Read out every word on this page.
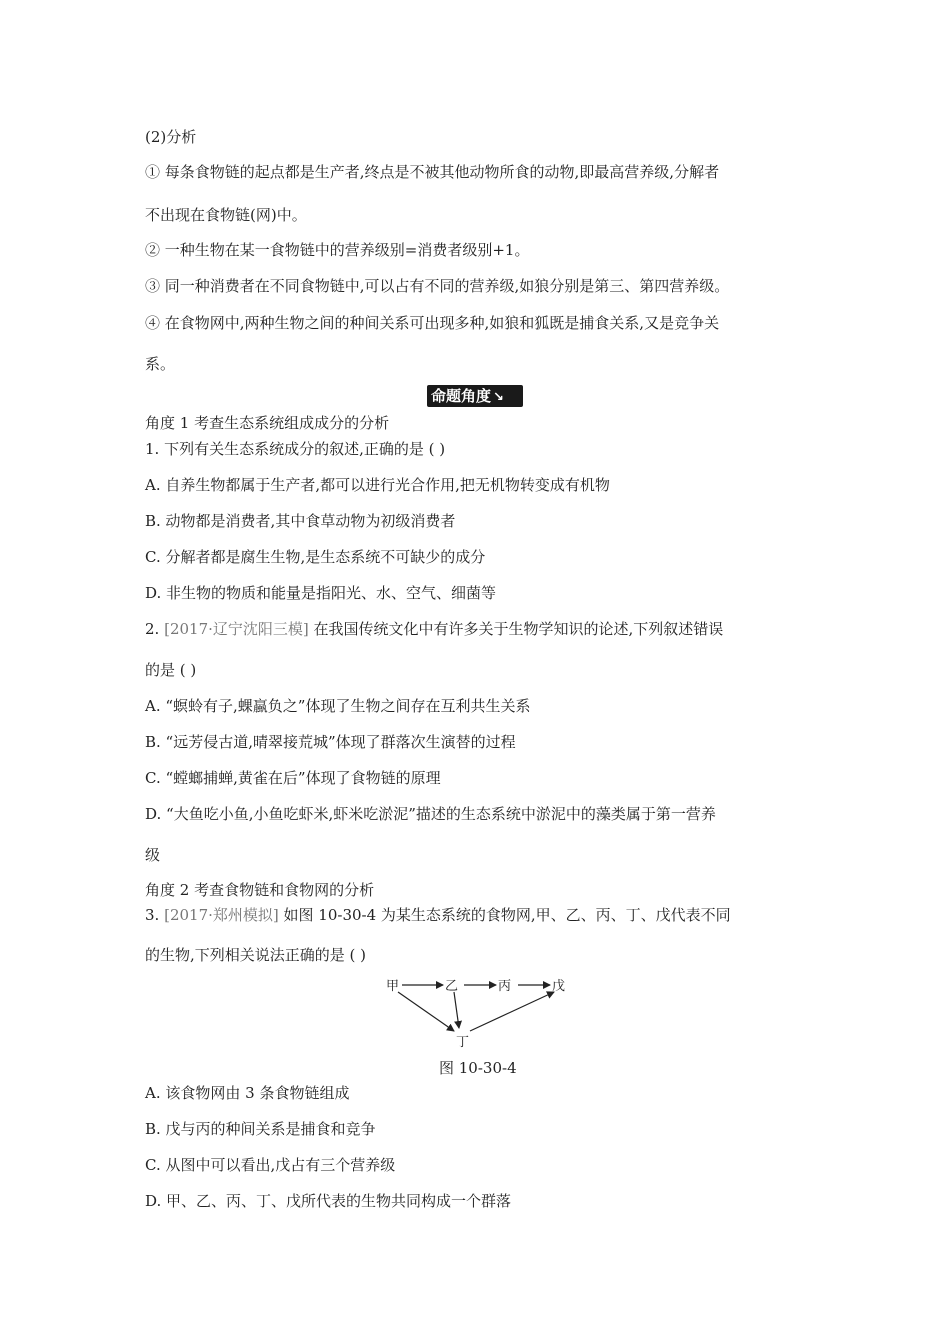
(2)分析
① 每条食物链的起点都是生产者,终点是不被其他动物所食的动物,即最高营养级,分解者
不出现在食物链(网)中。
② 一种生物在某一食物链中的营养级别=消费者级别+1。
③ 同一种消费者在不同食物链中,可以占有不同的营养级,如狼分别是第三、第四营养级。
④ 在食物网中,两种生物之间的种间关系可出现多种,如狼和狐既是捕食关系,又是竞争关
系。
命题角度 ↘
角度 1 考查生态系统组成成分的分析
1. 下列有关生态系统成分的叙述,正确的是 ( )
A. 自养生物都属于生产者,都可以进行光合作用,把无机物转变成有机物
B. 动物都是消费者,其中食草动物为初级消费者
C. 分解者都是腐生生物,是生态系统不可缺少的成分
D. 非生物的物质和能量是指阳光、水、空气、细菌等
2. [2017·辽宁沈阳三模] 在我国传统文化中有许多关于生物学知识的论述,下列叙述错误
的是 ( )
A. “螟蛉有子,蜾蠃负之”体现了生物之间存在互利共生关系
B. “远芳侵古道,晴翠接荒城”体现了群落次生演替的过程
C. “螳螂捕蝉,黄雀在后”体现了食物链的原理
D. “大鱼吃小鱼,小鱼吃虾米,虾米吃淤泥”描述的生态系统中淤泥中的藻类属于第一营养
级
角度 2 考查食物链和食物网的分析
3. [2017·郑州模拟] 如图 10-30-4 为某生态系统的食物网,甲、乙、丙、丁、戊代表不同
的生物,下列相关说法正确的是 ( )
甲	乙	丙	戊
丁
图 10-30-4
A. 该食物网由 3 条食物链组成
B. 戊与丙的种间关系是捕食和竞争
C. 从图中可以看出,戊占有三个营养级
D. 甲、乙、丙、丁、戊所代表的生物共同构成一个群落
